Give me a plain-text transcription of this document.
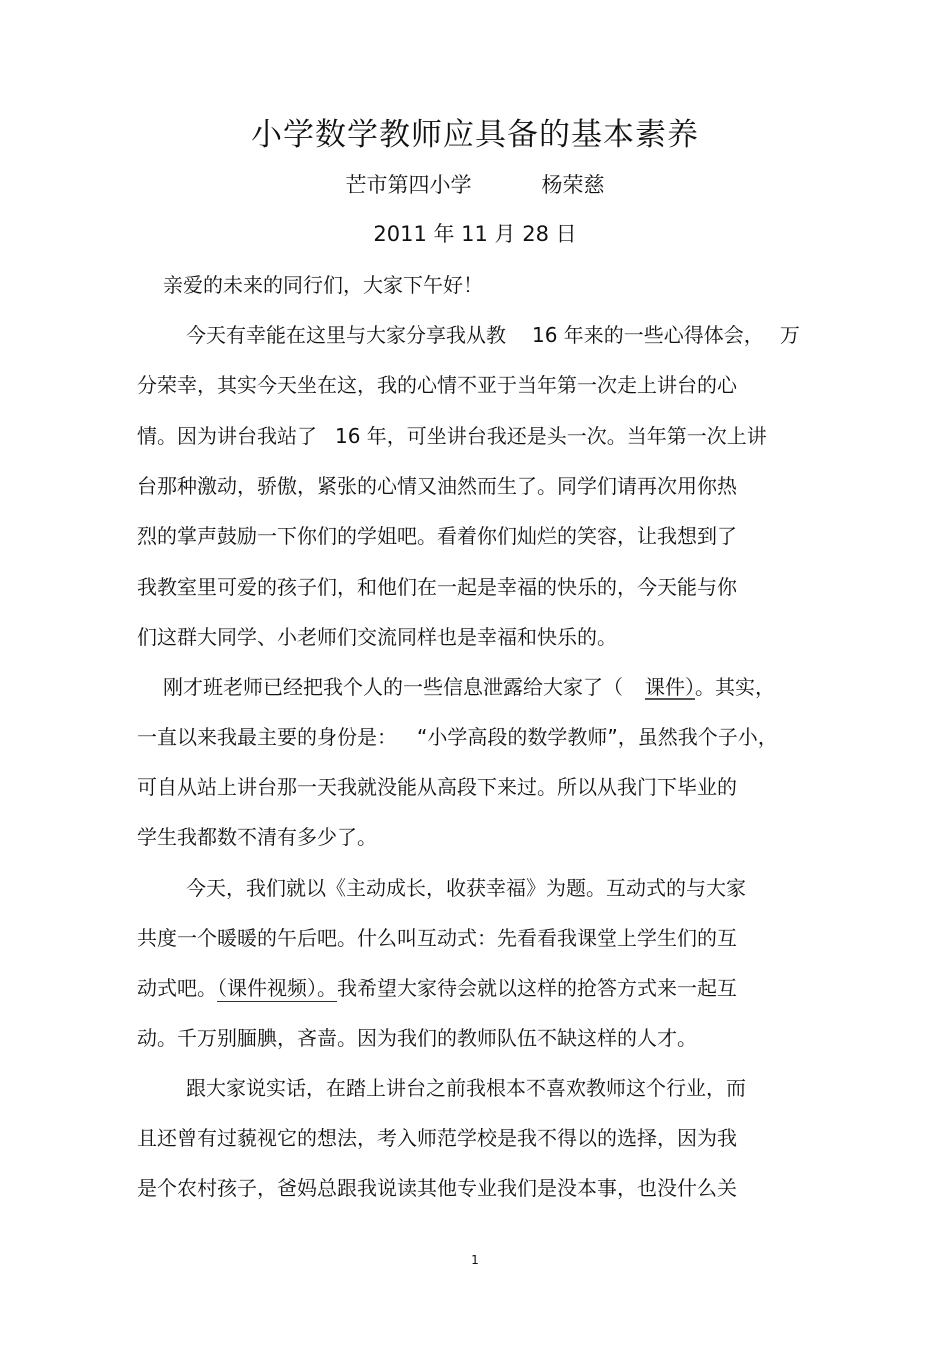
小学数学教师应具备的基本素养
芒市第四小学	杨荣慈
2011 年 11 月 28 日
亲爱的未来的同行们，大家下午好！
今天有幸能在这里与大家分享我从教 16 年来的一些心得体会， 万
分荣幸，其实今天坐在这，我的心情不亚于当年第一次走上讲台的心
情。因为讲台我站了 16 年，可坐讲台我还是头一次。当年第一次上讲
台那种激动，骄傲，紧张的心情又油然而生了。同学们请再次用你热
烈的掌声鼓励一下你们的学姐吧。看着你们灿烂的笑容，让我想到了
我教室里可爱的孩子们，和他们在一起是幸福的快乐的，今天能与你
们这群大同学、小老师们交流同样也是幸福和快乐的。
刚才班老师已经把我个人的一些信息泄露给大家了（ 课件）。其实，
一直以来我最主要的身份是： “小学高段的数学教师”，虽然我个子小，
可自从站上讲台那一天我就没能从高段下来过。所以从我门下毕业的
学生我都数不清有多少了。
今天，我们就以《主动成长，收获幸福》为题。互动式的与大家
共度一个暖暖的午后吧。什么叫互动式：先看看我课堂上学生们的互
动式吧。（课件视频）。我希望大家待会就以这样的抢答方式来一起互
动。千万别腼腆，吝啬。因为我们的教师队伍不缺这样的人才。
跟大家说实话，在踏上讲台之前我根本不喜欢教师这个行业，而
且还曾有过藐视它的想法，考入师范学校是我不得以的选择，因为我
是个农村孩子，爸妈总跟我说读其他专业我们是没本事，也没什么关
1
